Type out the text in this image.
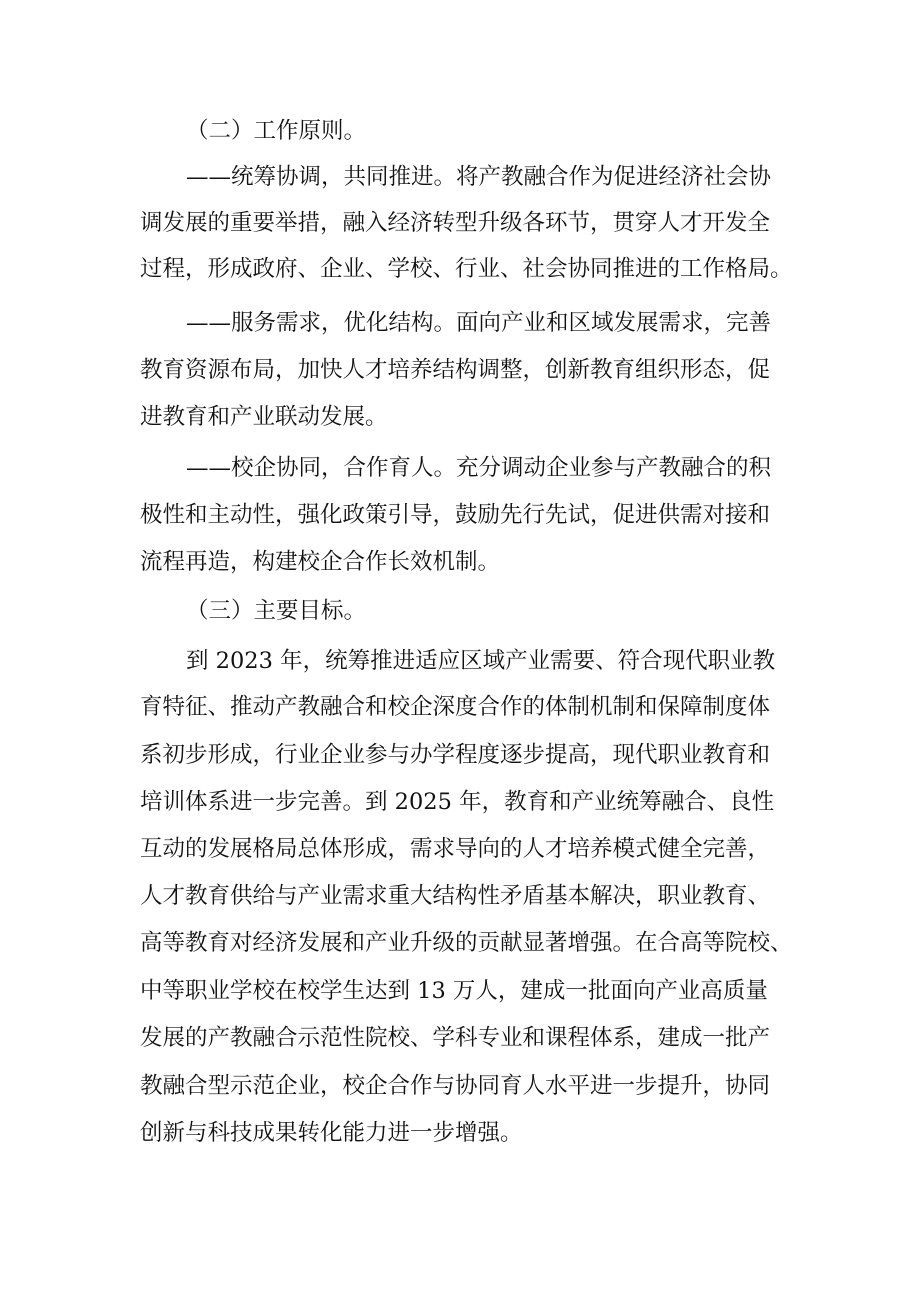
（二）工作原则。
——统筹协调，共同推进。将产教融合作为促进经济社会协
调发展的重要举措，融入经济转型升级各环节，贯穿人才开发全
过程，形成政府、企业、学校、行业、社会协同推进的工作格局。
——服务需求，优化结构。面向产业和区域发展需求，完善
教育资源布局，加快人才培养结构调整，创新教育组织形态，促
进教育和产业联动发展。
——校企协同，合作育人。充分调动企业参与产教融合的积
极性和主动性，强化政策引导，鼓励先行先试，促进供需对接和
流程再造，构建校企合作长效机制。
（三）主要目标。
到 2023 年，统筹推进适应区域产业需要、符合现代职业教
育特征、推动产教融合和校企深度合作的体制机制和保障制度体
系初步形成，行业企业参与办学程度逐步提高，现代职业教育和
培训体系进一步完善。到 2025 年，教育和产业统筹融合、良性
互动的发展格局总体形成，需求导向的人才培养模式健全完善，
人才教育供给与产业需求重大结构性矛盾基本解决，职业教育、
高等教育对经济发展和产业升级的贡献显著增强。在合高等院校、
中等职业学校在校学生达到 13 万人，建成一批面向产业高质量
发展的产教融合示范性院校、学科专业和课程体系，建成一批产
教融合型示范企业，校企合作与协同育人水平进一步提升，协同
创新与科技成果转化能力进一步增强。
